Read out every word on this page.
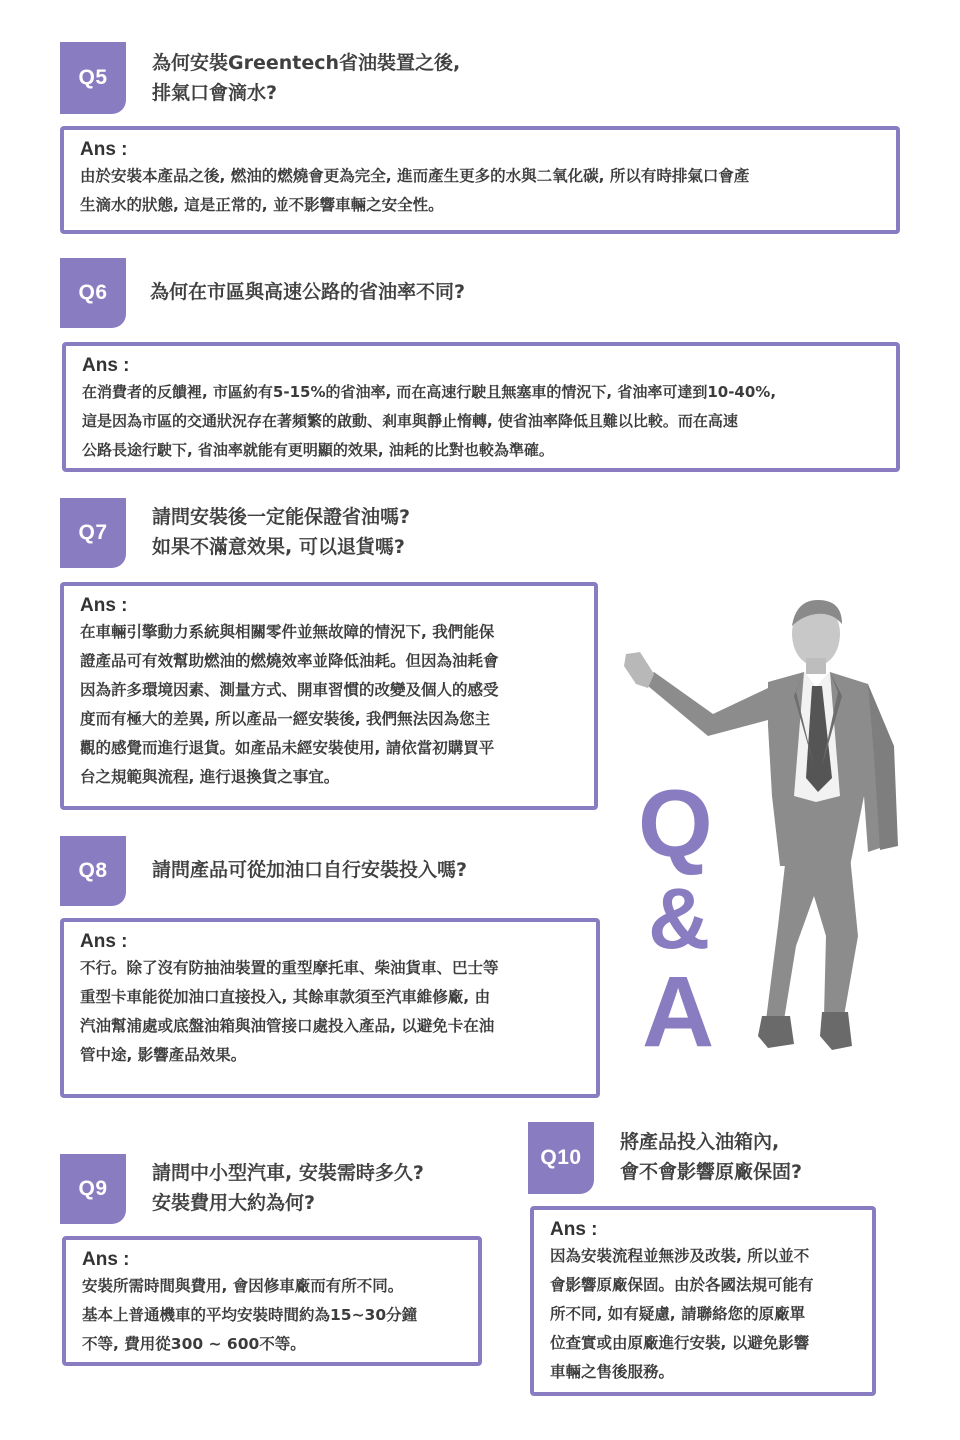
Q5
為何安裝Greentech省油裝置之後,
排氣口會滴水?
Ans :
由於安裝本產品之後, 燃油的燃燒會更為完全, 進而產生更多的水與二氧化碳, 所以有時排氣口會產
生滴水的狀態, 這是正常的, 並不影響車輛之安全性。
Q6	為何在市區與高速公路的省油率不同?
Ans :
在消費者的反饋裡, 市區約有5-15%的省油率, 而在高速行駛且無塞車的情況下, 省油率可達到10-40%,
這是因為市區的交通狀況存在著頻繁的啟動、剎車與靜止惰轉, 使省油率降低且難以比較。而在高速
公路長途行駛下, 省油率就能有更明顯的效果, 油耗的比對也較為準確。
Q7
請問安裝後一定能保證省油嗎?
如果不滿意效果, 可以退貨嗎?
Ans :
在車輛引擎動力系統與相關零件並無故障的情況下, 我們能保
證產品可有效幫助燃油的燃燒效率並降低油耗。但因為油耗會
因為許多環境因素、測量方式、開車習慣的改變及個人的感受
度而有極大的差異, 所以產品一經安裝後, 我們無法因為您主
觀的感覺而進行退貨。如產品未經安裝使用, 請依當初購買平
台之規範與流程, 進行退換貨之事宜。
Q8	請問產品可從加油口自行安裝投入嗎?
Ans :
不行。除了沒有防抽油裝置的重型摩托車、柴油貨車、巴士等
重型卡車能從加油口直接投入, 其餘車款須至汽車維修廠, 由
汽油幫浦處或底盤油箱與油管接口處投入產品, 以避免卡在油
管中途, 影響產品效果。
Q9
請問中小型汽車, 安裝需時多久?
安裝費用大約為何?
Ans :
安裝所需時間與費用, 會因修車廠而有所不同。
基本上普通機車的平均安裝時間約為15~30分鐘
不等, 費用從300 ~ 600不等。
Q10
將產品投入油箱內,
會不會影響原廠保固?
Ans :
因為安裝流程並無涉及改裝, 所以並不
會影響原廠保固。由於各國法規可能有
所不同, 如有疑慮, 請聯絡您的原廠單
位查實或由原廠進行安裝, 以避免影響
車輛之售後服務。
Q
&
A
